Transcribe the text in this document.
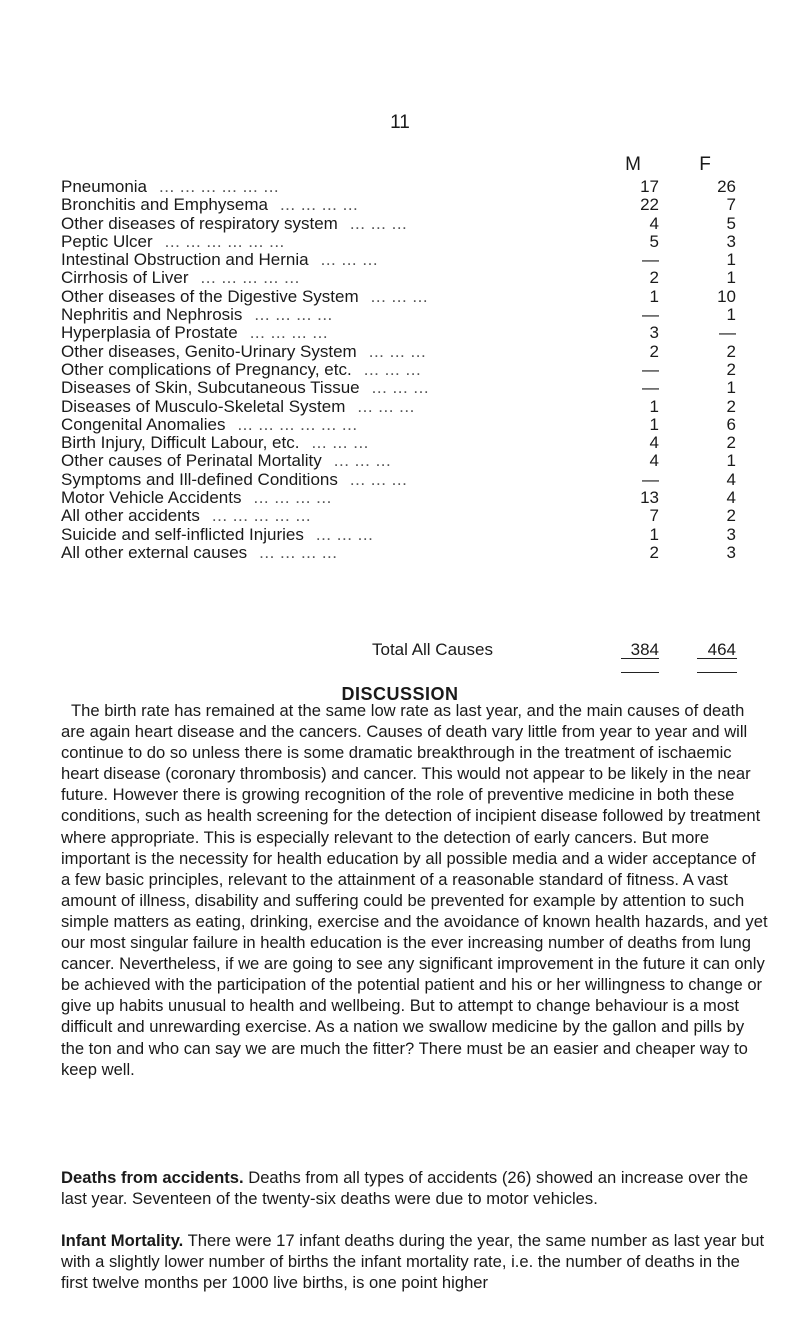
11
M	F
Pneumonia ... ... ... ... ... ...	17	26
Bronchitis and Emphysema ... ... ... ...	22	7
Other diseases of respiratory system ... ... ...	4	5
Peptic Ulcer ... ... ... ... ... ...	5	3
Intestinal Obstruction and Hernia ... ... ...	—	1
Cirrhosis of Liver ... ... ... ... ...	2	1
Other diseases of the Digestive System ... ... ...	1	10
Nephritis and Nephrosis ... ... ... ...	—	1
Hyperplasia of Prostate ... ... ... ...	3	—
Other diseases, Genito-Urinary System ... ... ...	2	2
Other complications of Pregnancy, etc. ... ... ...	—	2
Diseases of Skin, Subcutaneous Tissue ... ... ...	—	1
Diseases of Musculo-Skeletal System ... ... ...	1	2
Congenital Anomalies ... ... ... ... ... ...	1	6
Birth Injury, Difficult Labour, etc. ... ... ...	4	2
Other causes of Perinatal Mortality ... ... ...	4	1
Symptoms and Ill-defined Conditions ... ... ...	—	4
Motor Vehicle Accidents ... ... ... ...	13	4
All other accidents ... ... ... ... ...	7	2
Suicide and self-inflicted Injuries ... ... ...	1	3
All other external causes ... ... ... ...	2	3
Total All Causes	384	464
DISCUSSION

The birth rate has remained at the same low rate as last year, and the main causes of death are again heart disease and the cancers. Causes of death vary little from year to year and will continue to do so unless there is some dramatic breakthrough in the treatment of ischaemic heart disease (coronary thrombosis) and cancer. This would not appear to be likely in the near future. However there is growing recognition of the role of preventive medicine in both these conditions, such as health screening for the detection of incipient disease followed by treatment where appropriate. This is especially relevant to the detection of early cancers. But more important is the necessity for health education by all possible media and a wider acceptance of a few basic principles, relevant to the attainment of a reasonable standard of fitness. A vast amount of illness, disability and suffering could be prevented for example by attention to such simple matters as eating, drinking, exercise and the avoidance of known health hazards, and yet our most singular failure in health education is the ever increasing number of deaths from lung cancer. Nevertheless, if we are going to see any significant improvement in the future it can only be achieved with the participation of the potential patient and his or her willingness to change or give up habits unusual to health and wellbeing. But to attempt to change behaviour is a most difficult and unrewarding exercise. As a nation we swallow medicine by the gallon and pills by the ton and who can say we are much the fitter? There must be an easier and cheaper way to keep well.

Deaths from accidents. Deaths from all types of accidents (26) showed an increase over the last year. Seventeen of the twenty-six deaths were due to motor vehicles.

Infant Mortality. There were 17 infant deaths during the year, the same number as last year but with a slightly lower number of births the infant mortality rate, i.e. the number of deaths in the first twelve months per 1000 live births, is one point higher
